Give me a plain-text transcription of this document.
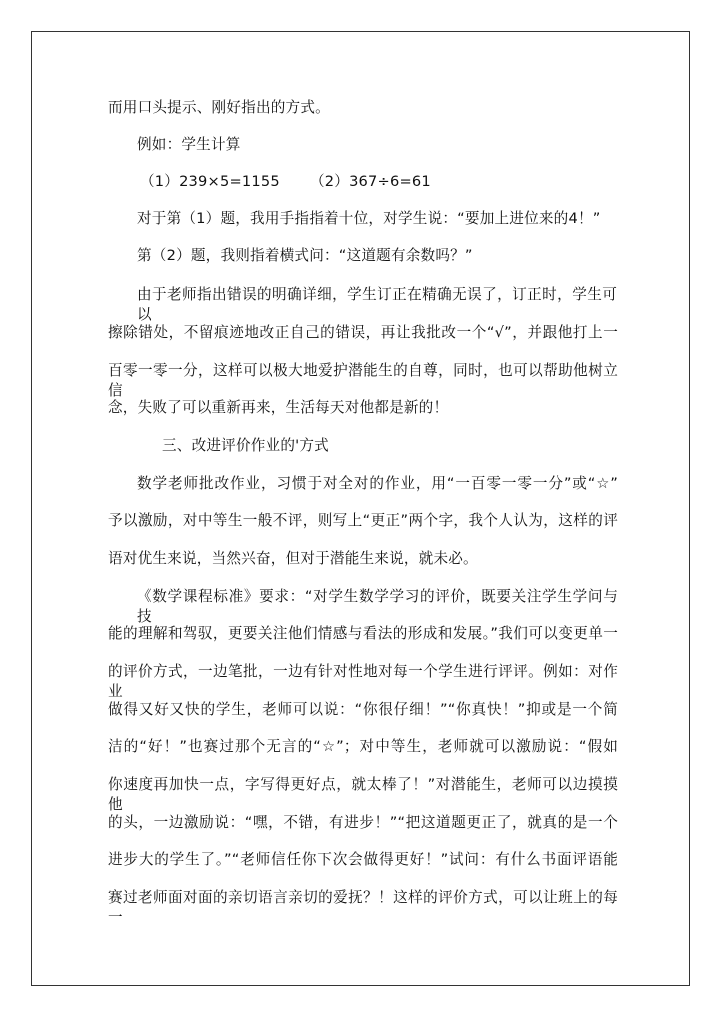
而用口头提示、刚好指出的方式。
例如：学生计算
（1）239×5=1155 （2）367÷6=61
对于第（1）题，我用手指指着十位，对学生说：“要加上进位来的4！”
第（2）题，我则指着横式问：“这道题有余数吗？”
由于老师指出错误的明确详细，学生订正在精确无误了，订正时，学生可以
擦除错处，不留痕迹地改正自己的错误，再让我批改一个“√”，并跟他打上一
百零一零一分，这样可以极大地爱护潜能生的自尊，同时，也可以帮助他树立信
念，失败了可以重新再来，生活每天对他都是新的！
三、改进评价作业的'方式
数学老师批改作业，习惯于对全对的作业，用“一百零一零一分”或“☆”
予以激励，对中等生一般不评，则写上“更正”两个字，我个人认为，这样的评
语对优生来说，当然兴奋，但对于潜能生来说，就未必。
《数学课程标准》要求：“对学生数学学习的评价，既要关注学生学问与技
能的理解和驾驭，更要关注他们情感与看法的形成和发展。”我们可以变更单一
的评价方式，一边笔批，一边有针对性地对每一个学生进行评评。例如：对作业
做得又好又快的学生，老师可以说：“你很仔细！”“你真快！”抑或是一个简
洁的“好！”也赛过那个无言的“☆”；对中等生，老师就可以激励说：“假如
你速度再加快一点，字写得更好点，就太棒了！”对潜能生，老师可以边摸摸他
的头，一边激励说：“嘿，不错，有进步！”“把这道题更正了，就真的是一个
进步大的学生了。”“老师信任你下次会做得更好！”试问：有什么书面评语能
赛过老师面对面的亲切语言亲切的爱抚？！这样的评价方式，可以让班上的每一
